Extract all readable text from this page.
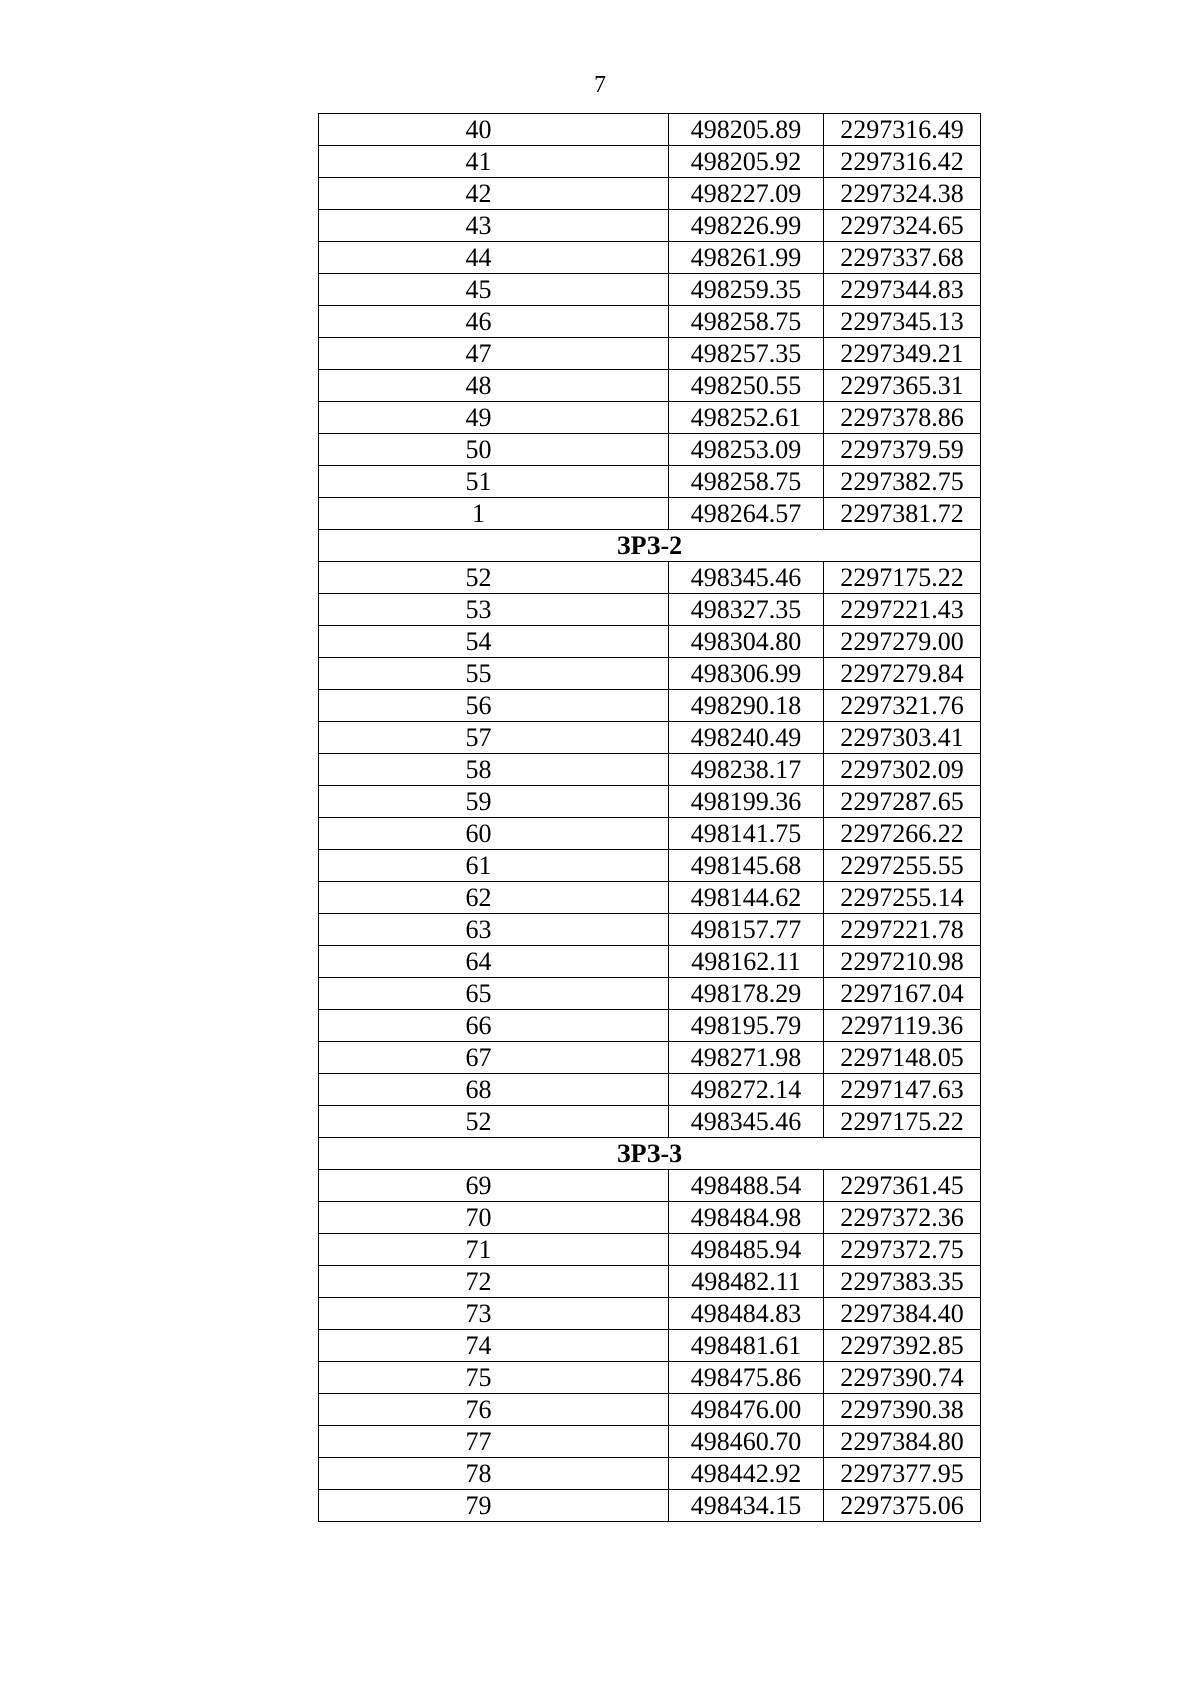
7
40	498205.89	2297316.49
41	498205.92	2297316.42
42	498227.09	2297324.38
43	498226.99	2297324.65
44	498261.99	2297337.68
45	498259.35	2297344.83
46	498258.75	2297345.13
47	498257.35	2297349.21
48	498250.55	2297365.31
49	498252.61	2297378.86
50	498253.09	2297379.59
51	498258.75	2297382.75
1	498264.57	2297381.72
ЗРЗ-2		
52	498345.46	2297175.22
53	498327.35	2297221.43
54	498304.80	2297279.00
55	498306.99	2297279.84
56	498290.18	2297321.76
57	498240.49	2297303.41
58	498238.17	2297302.09
59	498199.36	2297287.65
60	498141.75	2297266.22
61	498145.68	2297255.55
62	498144.62	2297255.14
63	498157.77	2297221.78
64	498162.11	2297210.98
65	498178.29	2297167.04
66	498195.79	2297119.36
67	498271.98	2297148.05
68	498272.14	2297147.63
52	498345.46	2297175.22
ЗРЗ-3		
69	498488.54	2297361.45
70	498484.98	2297372.36
71	498485.94	2297372.75
72	498482.11	2297383.35
73	498484.83	2297384.40
74	498481.61	2297392.85
75	498475.86	2297390.74
76	498476.00	2297390.38
77	498460.70	2297384.80
78	498442.92	2297377.95
79	498434.15	2297375.06
